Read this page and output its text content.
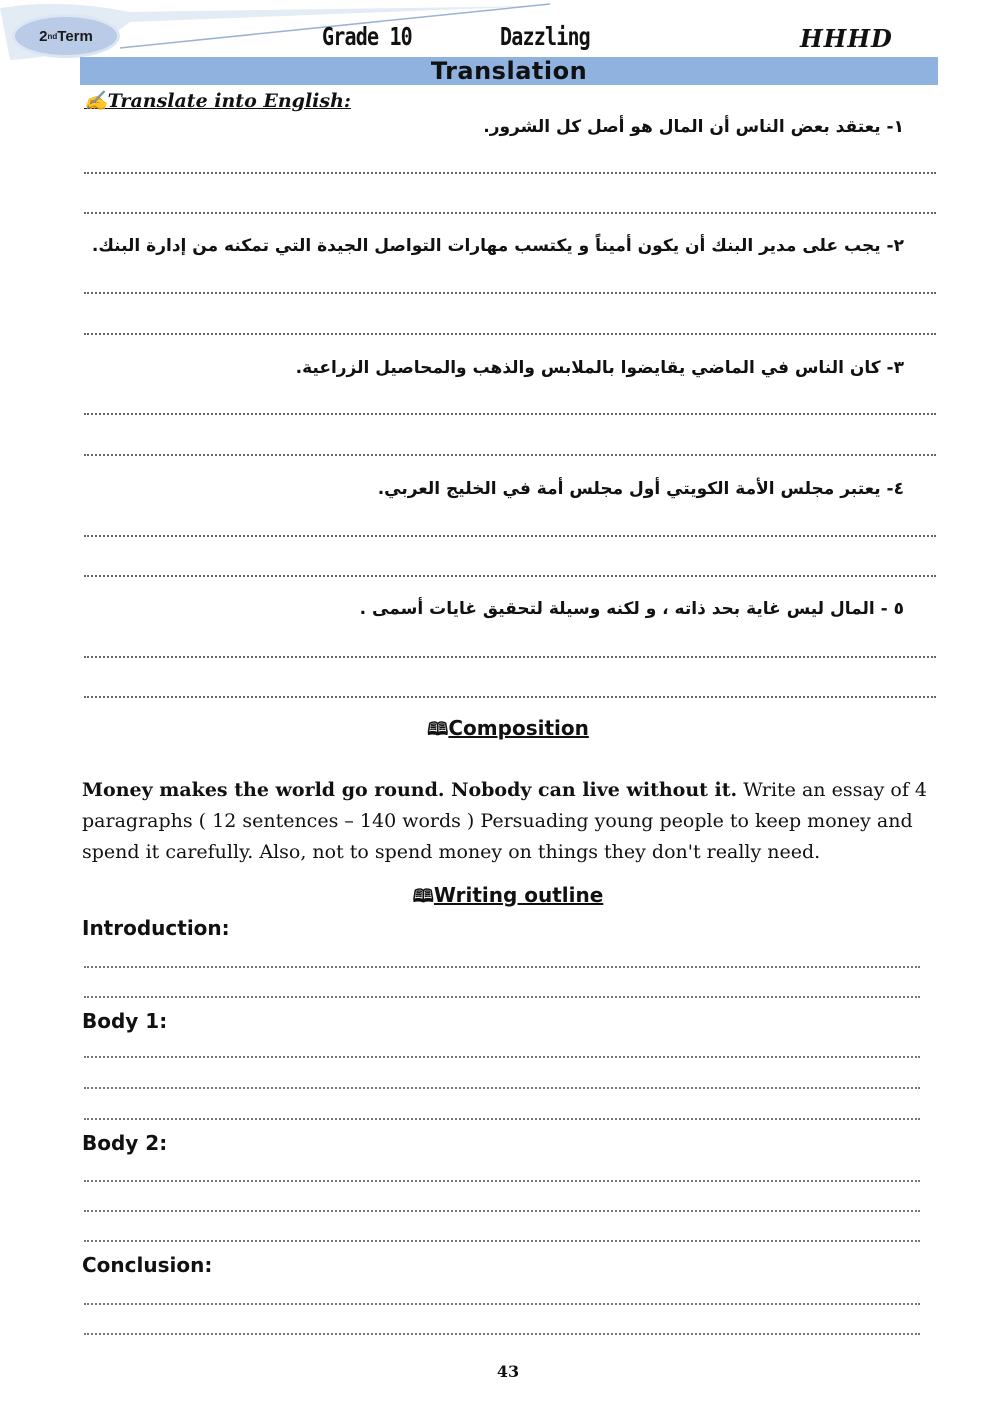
2 nd Term	Grade 10	Dazzling	HHHD
Translation
✍Translate into English:
١- يعتقد بعض الناس أن المال هو أصل كل الشرور.
٢- يجب على مدير البنك أن يكون أميناً و يكتسب مهارات التواصل الجيدة التي تمكنه من إدارة البنك.
٣- كان الناس في الماضي يقايضوا بالملابس والذهب والمحاصيل الزراعية.
٤- يعتبر مجلس الأمة الكويتي أول مجلس أمة في الخليج العربي.
٥ - المال ليس غاية بحد ذاته ، و لكنه وسيلة لتحقيق غايات أسمى .
🕮Composition
Money makes the world go round. Nobody can live without it. Write an essay of 4 paragraphs ( 12 sentences – 140 words ) Persuading young people to keep money and spend it carefully. Also, not to spend money on things they don't really need.
🕮Writing outline
Introduction:
Body 1:
Body 2:
Conclusion:
43
